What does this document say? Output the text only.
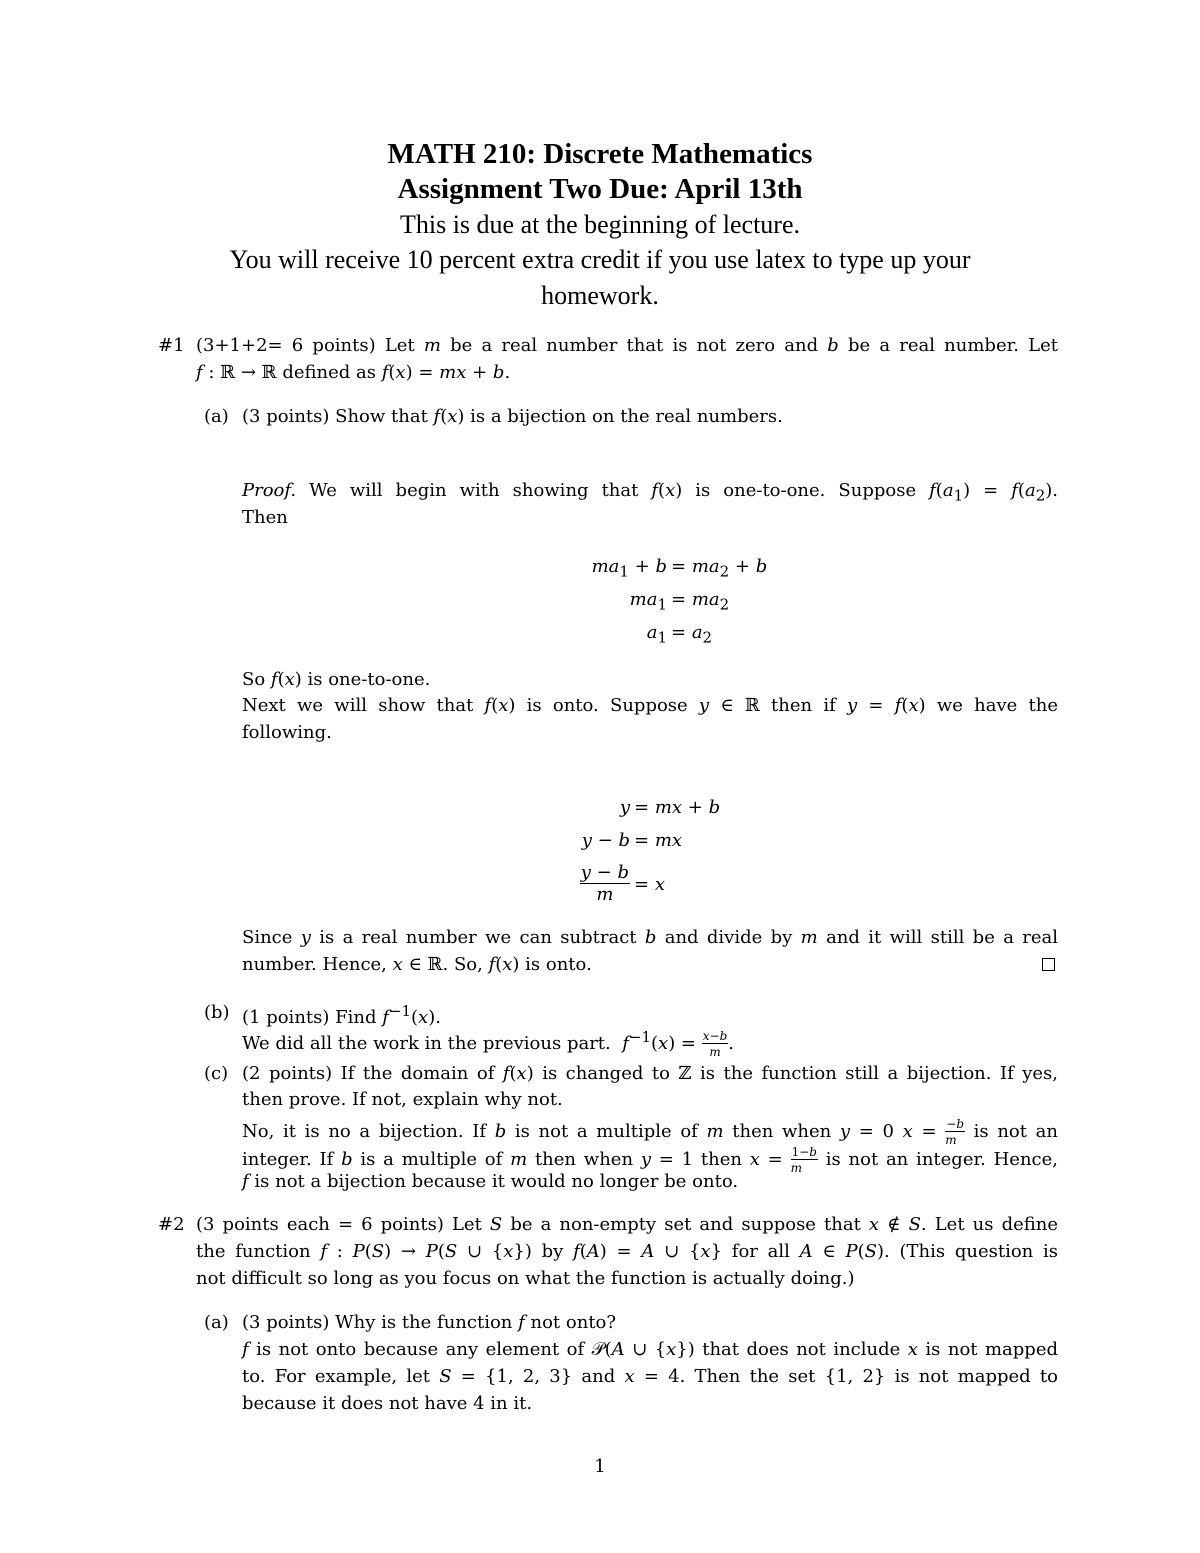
MATH 210: Discrete Mathematics
Assignment Two Due: April 13th
This is due at the beginning of lecture.
You will receive 10 percent extra credit if you use latex to type up your
homework.
#1 (3+1+2= 6 points) Let m be a real number that is not zero and b be a real number. Let
f : ℝ → ℝ defined as f(x) = mx + b.
(a) (3 points) Show that f(x) is a bijection on the real numbers.
Proof. We will begin with showing that f(x) is one-to-one. Suppose $f(a_1) = f(a_2)$.
Then
$ma_1 + b = ma_2 + b$
$ma_1 = ma_2$
$a_1 = a_2$
So f(x) is one-to-one.
Next we will show that f(x) is onto. Suppose y ∈ ℝ then if y = f(x) we have the
following.
y = mx + b
y − b = mx
$\frac{y - b}{m} = x$
Since y is a real number we can subtract b and divide by m and it will still be a real
number. Hence, x ∈ ℝ. So, f(x) is onto.
(b) (1 points) Find $f^{-1}(x)$.
We did all the work in the previous part.  $f^{-1}(x) = \frac{x-b}{m}$ .
(c) (2 points) If the domain of f(x) is changed to ℤ is the function still a bijection. If yes,
then prove. If not, explain why not.
No, it is no a bijection. If b is not a multiple of m then when y = 0 $x = \frac{-b}{m}$ is not an
integer. If b is a multiple of m then when y = 1 then $x = \frac{1-b}{m}$ is not an integer. Hence,
f is not a bijection because it would no longer be onto.
#2 (3 points each = 6 points) Let S be a non-empty set and suppose that x ∉ S. Let us define
the function f : P(S) → P(S ∪ {x}) by f(A) = A ∪ {x} for all A ∈ P(S). (This question is
not difficult so long as you focus on what the function is actually doing.)
(a) (3 points) Why is the function f not onto?
f is not onto because any element of 𝒫(A ∪ {x}) that does not include x is not mapped
to. For example, let S = {1, 2, 3} and x = 4. Then the set {1, 2} is not mapped to
because it does not have 4 in it.
1
